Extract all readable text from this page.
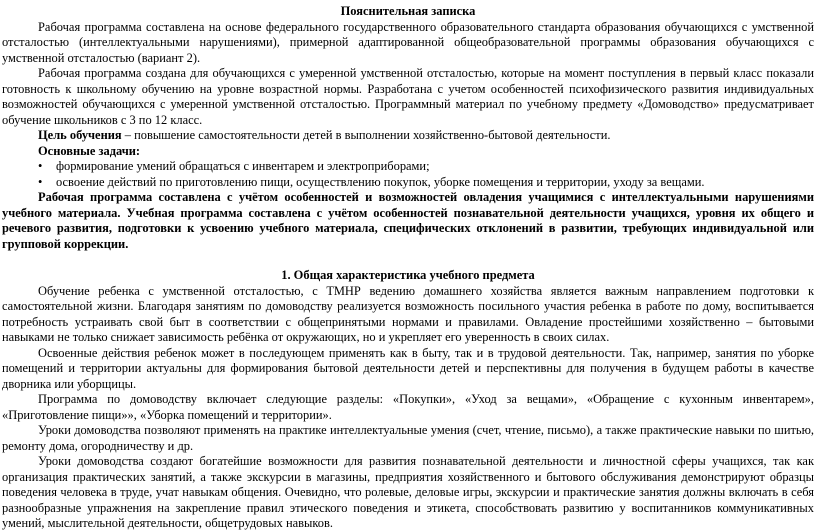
Пояснительная записка

Рабочая программа составлена на основе федерального государственного образовательного стандарта образования обучающихся с умственной отсталостью (интеллектуальными нарушениями), примерной адаптированной общеобразовательной программы образования обучающихся с умственной отсталостью (вариант 2).

Рабочая программа создана для обучающихся с умеренной умственной отсталостью, которые на момент поступления в первый класс показали готовность к школьному обучению на уровне возрастной нормы. Разработана с учетом особенностей психофизического развития индивидуальных возможностей обучающихся с умеренной умственной отсталостью. Программный материал по учебному предмету «Домоводство» предусматривает обучение школьников с 3 по 12 класс.

Цель обучения – повышение самостоятельности детей в выполнении хозяйственно-бытовой деятельности.

Основные задачи:

• формирование умений обращаться с инвентарем и электроприборами;
• освоение действий по приготовлению пищи, осуществлению покупок, уборке помещения и территории, уходу за вещами.

Рабочая программа составлена с учётом особенностей и возможностей овладения учащимися с интеллектуальными нарушениями учебного материала. Учебная программа составлена с учётом особенностей познавательной деятельности учащихся, уровня их общего и речевого развития, подготовки к усвоению учебного материала, специфических отклонений в развитии, требующих индивидуальной или групповой коррекции.

1. Общая характеристика учебного предмета

Обучение ребенка с умственной отсталостью, с ТМНР ведению домашнего хозяйства является важным направлением подготовки к самостоятельной жизни. Благодаря занятиям по домоводству реализуется возможность посильного участия ребенка в работе по дому, воспитывается потребность устраивать свой быт в соответствии с общепринятыми нормами и правилами. Овладение простейшими хозяйственно – бытовыми навыками не только снижает зависимость ребёнка от окружающих, но и укрепляет его уверенность в своих силах.

Освоенные действия ребенок может в последующем применять как в быту, так и в трудовой деятельности. Так, например, занятия по уборке помещений и территории актуальны для формирования бытовой деятельности детей и перспективны для получения в будущем работы в качестве дворника или уборщицы.

Программа по домоводству включает следующие разделы: «Покупки», «Уход за вещами», «Обращение с кухонным инвентарем», «Приготовление пищи»», «Уборка помещений и территории».

Уроки домоводства позволяют применять на практике интеллектуальные умения (счет, чтение, письмо), а также практические навыки по шитью, ремонту дома, огородничеству и др.

Уроки домоводства создают богатейшие возможности для развития познавательной деятельности и личностной сферы учащихся, так как организация практических занятий, а также экскурсии в магазины, предприятия хозяйственного и бытового обслуживания демонстрируют образцы поведения человека в труде, учат навыкам общения. Очевидно, что ролевые, деловые игры, экскурсии и практические занятия должны включать в себя разнообразные упражнения на закрепление правил этического поведения и этикета, способствовать развитию у воспитанников коммуникативных умений, мыслительной деятельности, общетрудовых навыков.
